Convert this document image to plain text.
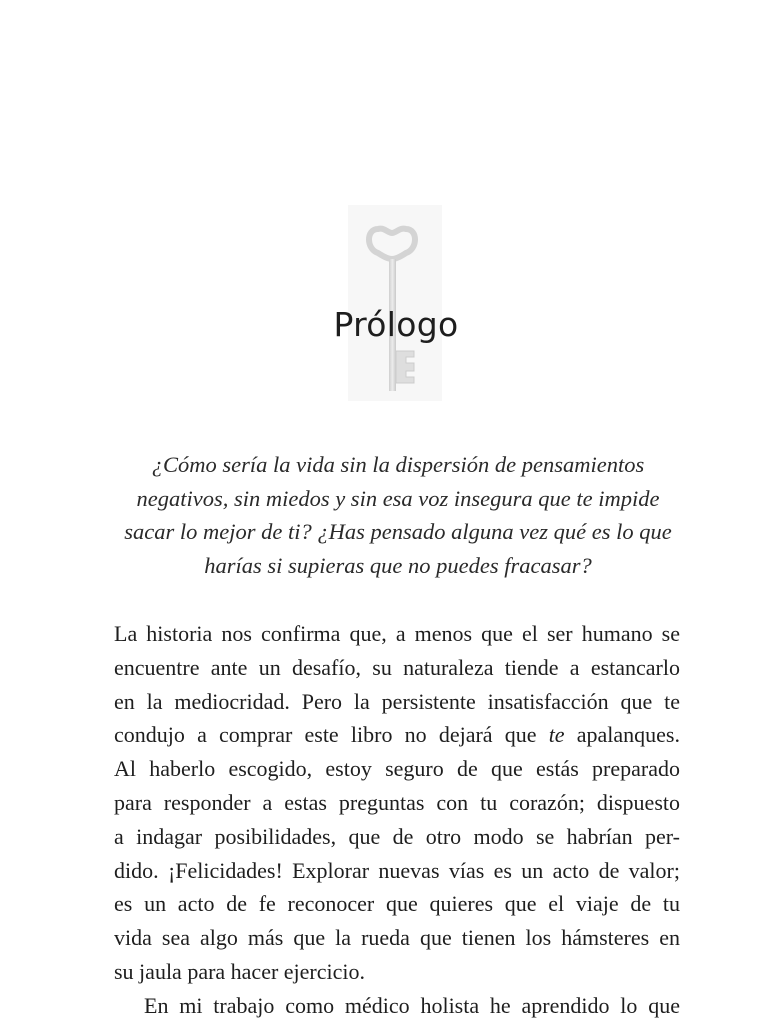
Prólogo
¿Cómo sería la vida sin la dispersión de pensamientos
negativos, sin miedos y sin esa voz insegura que te impide
sacar lo mejor de ti? ¿Has pensado alguna vez qué es lo que
harías si supieras que no puedes fracasar?
La historia nos confirma que, a menos que el ser humano se
encuentre ante un desafío, su naturaleza tiende a estancarlo
en la mediocridad. Pero la persistente insatisfacción que te
condujo a comprar este libro no dejará que te apalanques.
Al haberlo escogido, estoy seguro de que estás preparado
para responder a estas preguntas con tu corazón; dispuesto
a indagar posibilidades, que de otro modo se habrían per-
dido. ¡Felicidades! Explorar nuevas vías es un acto de valor;
es un acto de fe reconocer que quieres que el viaje de tu
vida sea algo más que la rueda que tienen los hámsteres en
su jaula para hacer ejercicio.
En mi trabajo como médico holista he aprendido lo que
